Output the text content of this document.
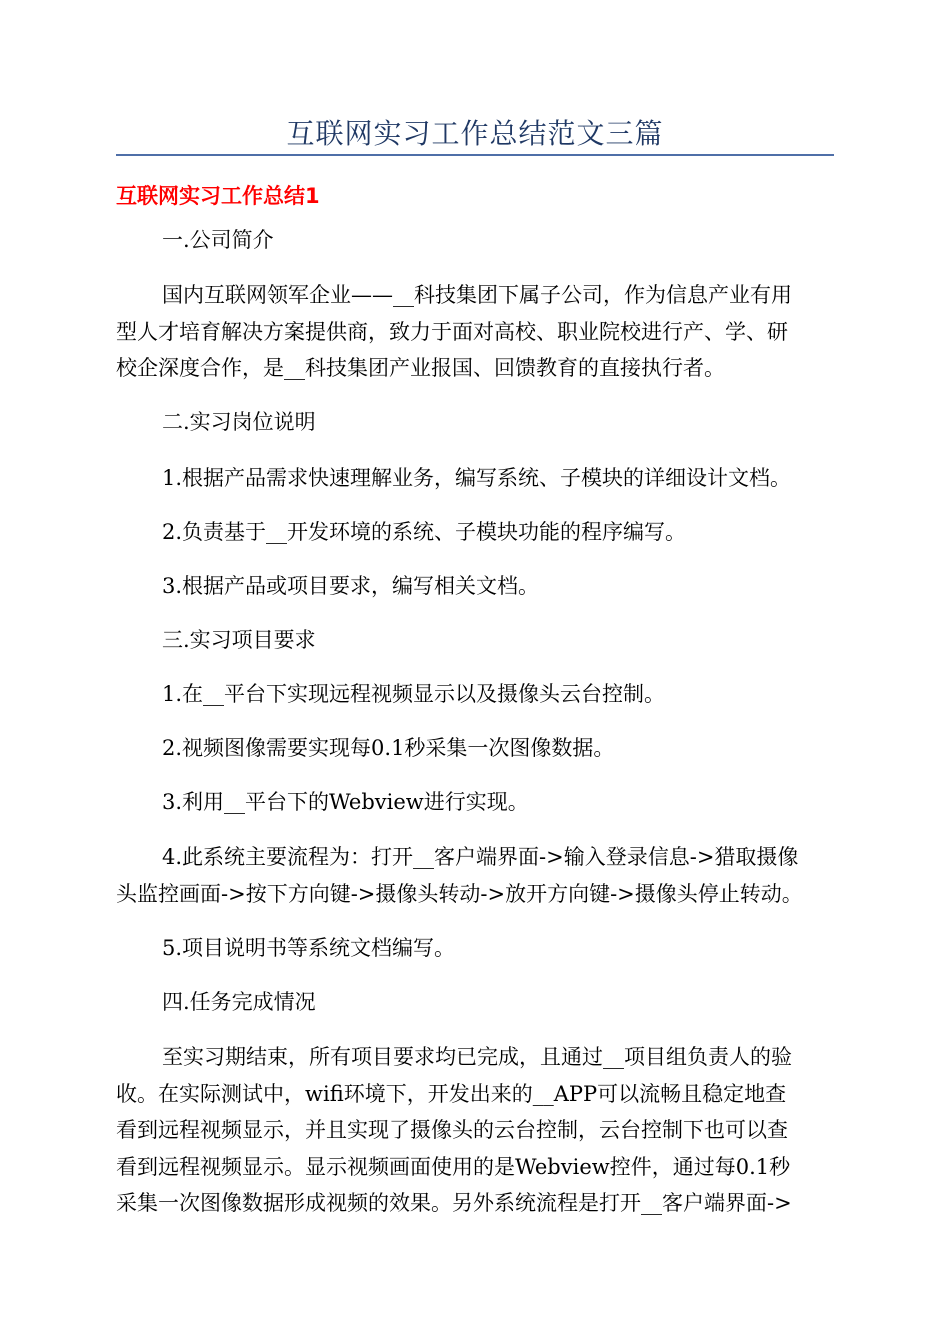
互联网实习工作总结范文三篇
互联网实习工作总结1
一.公司简介
国内互联网领军企业——__科技集团下属子公司，作为信息产业有用
型人才培育解决方案提供商，致力于面对高校、职业院校进行产、学、研
校企深度合作，是__科技集团产业报国、回馈教育的直接执行者。
二.实习岗位说明
1.根据产品需求快速理解业务，编写系统、子模块的详细设计文档。
2.负责基于__开发环境的系统、子模块功能的程序编写。
3.根据产品或项目要求，编写相关文档。
三.实习项目要求
1.在__平台下实现远程视频显示以及摄像头云台控制。
2.视频图像需要实现每0.1秒采集一次图像数据。
3.利用__平台下的Webview进行实现。
4.此系统主要流程为：打开__客户端界面->输入登录信息->猎取摄像
头监控画面->按下方向键->摄像头转动->放开方向键->摄像头停止转动。
5.项目说明书等系统文档编写。
四.任务完成情况
至实习期结束，所有项目要求均已完成，且通过__项目组负责人的验
收。在实际测试中，wifi环境下，开发出来的__APP可以流畅且稳定地查
看到远程视频显示，并且实现了摄像头的云台控制，云台控制下也可以查
看到远程视频显示。显示视频画面使用的是Webview控件，通过每0.1秒
采集一次图像数据形成视频的效果。另外系统流程是打开__客户端界面->
